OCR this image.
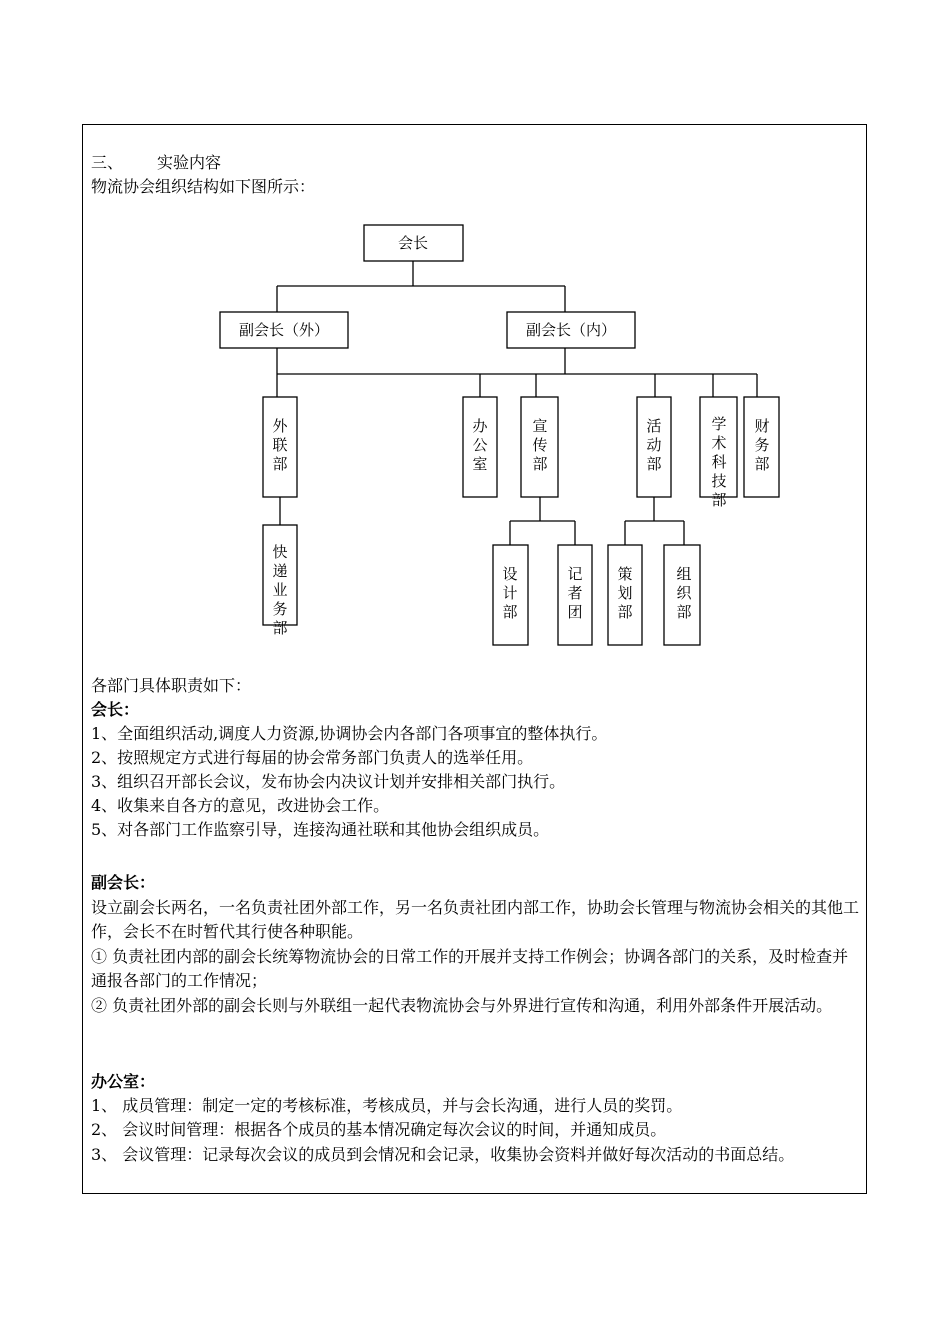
三、 实验内容
物流协会组织结构如下图所示：
会长
副会长（外）	副会长（内）
外联部
办公室
宣传部
活动部
学术科技部
财务部
快递业务部
设计部
记者团
策划部
组织部
各部门具体职责如下：
会长：
1、全面组织活动,调度人力资源,协调协会内各部门各项事宜的整体执行。
2、按照规定方式进行每届的协会常务部门负责人的选举任用。
3、组织召开部长会议，发布协会内决议计划并安排相关部门执行。
4、收集来自各方的意见，改进协会工作。
5、对各部门工作监察引导，连接沟通社联和其他协会组织成员。
副会长：
设立副会长两名，一名负责社团外部工作，另一名负责社团内部工作，协助会长管理与物流协会相关的其他工作，会长不在时暂代其行使各种职能。
① 负责社团内部的副会长统筹物流协会的日常工作的开展并支持工作例会；协调各部门的关系，及时检查并通报各部门的工作情况；
② 负责社团外部的副会长则与外联组一起代表物流协会与外界进行宣传和沟通，利用外部条件开展活动。
办公室：
1、 成员管理：制定一定的考核标准，考核成员，并与会长沟通，进行人员的奖罚。
2、 会议时间管理：根据各个成员的基本情况确定每次会议的时间，并通知成员。
3、 会议管理：记录每次会议的成员到会情况和会记录，收集协会资料并做好每次活动的书面总结。
